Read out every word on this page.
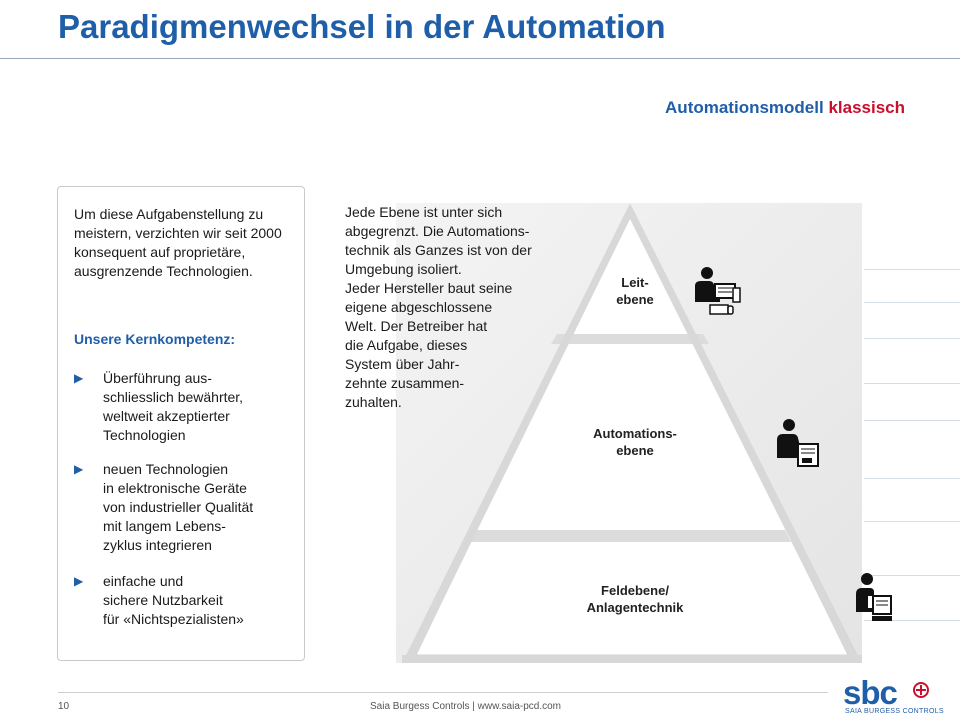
Paradigmenwechsel in der Automation
Automationsmodell klassisch
Um diese Aufgabenstellung zu meistern, verzichten wir seit 2000 konsequent auf proprietäre, ausgrenzende Technologien.
Unsere Kernkompetenz:
▶ Überführung aus-
schliesslich bewährter,
weltweit akzeptierter
Technologien
▶ neuen Technologien
in elektronische Geräte
von industrieller Qualität
mit langem Lebens-
zyklus integrieren
▶ einfache und
sichere Nutzbarkeit
für «Nichtspezialisten»
Jede Ebene ist unter sich
abgegrenzt. Die Automations-
technik als Ganzes ist von der
Umgebung isoliert.
Jeder Hersteller baut seine
eigene abgeschlossene
Welt. Der Betreiber hat
die Aufgabe, dieses
System über Jahr-
zehnte zusammen-
zuhalten.
Leit-
ebene
Automations-
ebene
Feldebene/
Anlagentechnik
10	Saia Burgess Controls | www.saia-pcd.com	sbc
SAIA BURGESS CONTROLS
